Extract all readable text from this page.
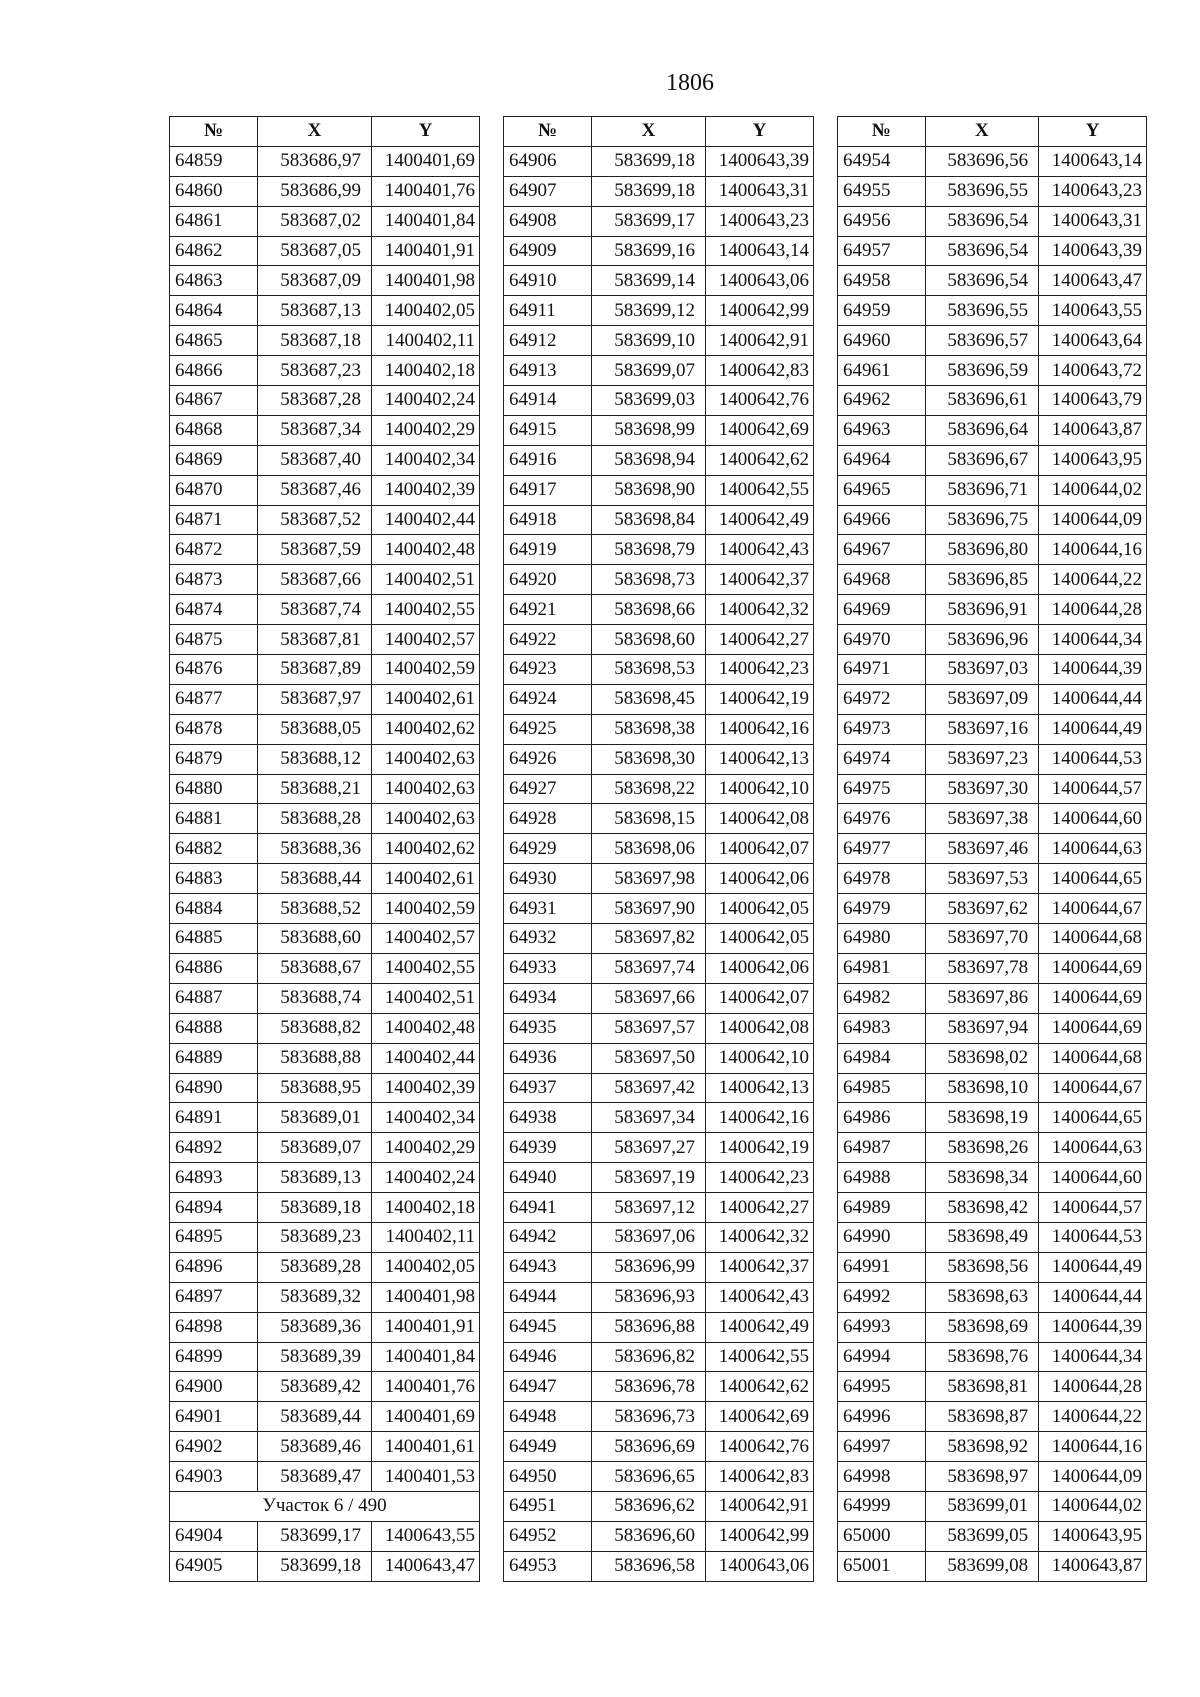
1806
№	X	Y
64859	583686,97	1400401,69
64860	583686,99	1400401,76
64861	583687,02	1400401,84
64862	583687,05	1400401,91
64863	583687,09	1400401,98
64864	583687,13	1400402,05
64865	583687,18	1400402,11
64866	583687,23	1400402,18
64867	583687,28	1400402,24
64868	583687,34	1400402,29
64869	583687,40	1400402,34
64870	583687,46	1400402,39
64871	583687,52	1400402,44
64872	583687,59	1400402,48
64873	583687,66	1400402,51
64874	583687,74	1400402,55
64875	583687,81	1400402,57
64876	583687,89	1400402,59
64877	583687,97	1400402,61
64878	583688,05	1400402,62
64879	583688,12	1400402,63
64880	583688,21	1400402,63
64881	583688,28	1400402,63
64882	583688,36	1400402,62
64883	583688,44	1400402,61
64884	583688,52	1400402,59
64885	583688,60	1400402,57
64886	583688,67	1400402,55
64887	583688,74	1400402,51
64888	583688,82	1400402,48
64889	583688,88	1400402,44
64890	583688,95	1400402,39
64891	583689,01	1400402,34
64892	583689,07	1400402,29
64893	583689,13	1400402,24
64894	583689,18	1400402,18
64895	583689,23	1400402,11
64896	583689,28	1400402,05
64897	583689,32	1400401,98
64898	583689,36	1400401,91
64899	583689,39	1400401,84
64900	583689,42	1400401,76
64901	583689,44	1400401,69
64902	583689,46	1400401,61
64903	583689,47	1400401,53
Участок 6 / 490		
64904	583699,17	1400643,55
64905	583699,18	1400643,47
№	X	Y
64906	583699,18	1400643,39
64907	583699,18	1400643,31
64908	583699,17	1400643,23
64909	583699,16	1400643,14
64910	583699,14	1400643,06
64911	583699,12	1400642,99
64912	583699,10	1400642,91
64913	583699,07	1400642,83
64914	583699,03	1400642,76
64915	583698,99	1400642,69
64916	583698,94	1400642,62
64917	583698,90	1400642,55
64918	583698,84	1400642,49
64919	583698,79	1400642,43
64920	583698,73	1400642,37
64921	583698,66	1400642,32
64922	583698,60	1400642,27
64923	583698,53	1400642,23
64924	583698,45	1400642,19
64925	583698,38	1400642,16
64926	583698,30	1400642,13
64927	583698,22	1400642,10
64928	583698,15	1400642,08
64929	583698,06	1400642,07
64930	583697,98	1400642,06
64931	583697,90	1400642,05
64932	583697,82	1400642,05
64933	583697,74	1400642,06
64934	583697,66	1400642,07
64935	583697,57	1400642,08
64936	583697,50	1400642,10
64937	583697,42	1400642,13
64938	583697,34	1400642,16
64939	583697,27	1400642,19
64940	583697,19	1400642,23
64941	583697,12	1400642,27
64942	583697,06	1400642,32
64943	583696,99	1400642,37
64944	583696,93	1400642,43
64945	583696,88	1400642,49
64946	583696,82	1400642,55
64947	583696,78	1400642,62
64948	583696,73	1400642,69
64949	583696,69	1400642,76
64950	583696,65	1400642,83
64951	583696,62	1400642,91
64952	583696,60	1400642,99
64953	583696,58	1400643,06
№	X	Y
64954	583696,56	1400643,14
64955	583696,55	1400643,23
64956	583696,54	1400643,31
64957	583696,54	1400643,39
64958	583696,54	1400643,47
64959	583696,55	1400643,55
64960	583696,57	1400643,64
64961	583696,59	1400643,72
64962	583696,61	1400643,79
64963	583696,64	1400643,87
64964	583696,67	1400643,95
64965	583696,71	1400644,02
64966	583696,75	1400644,09
64967	583696,80	1400644,16
64968	583696,85	1400644,22
64969	583696,91	1400644,28
64970	583696,96	1400644,34
64971	583697,03	1400644,39
64972	583697,09	1400644,44
64973	583697,16	1400644,49
64974	583697,23	1400644,53
64975	583697,30	1400644,57
64976	583697,38	1400644,60
64977	583697,46	1400644,63
64978	583697,53	1400644,65
64979	583697,62	1400644,67
64980	583697,70	1400644,68
64981	583697,78	1400644,69
64982	583697,86	1400644,69
64983	583697,94	1400644,69
64984	583698,02	1400644,68
64985	583698,10	1400644,67
64986	583698,19	1400644,65
64987	583698,26	1400644,63
64988	583698,34	1400644,60
64989	583698,42	1400644,57
64990	583698,49	1400644,53
64991	583698,56	1400644,49
64992	583698,63	1400644,44
64993	583698,69	1400644,39
64994	583698,76	1400644,34
64995	583698,81	1400644,28
64996	583698,87	1400644,22
64997	583698,92	1400644,16
64998	583698,97	1400644,09
64999	583699,01	1400644,02
65000	583699,05	1400643,95
65001	583699,08	1400643,87
